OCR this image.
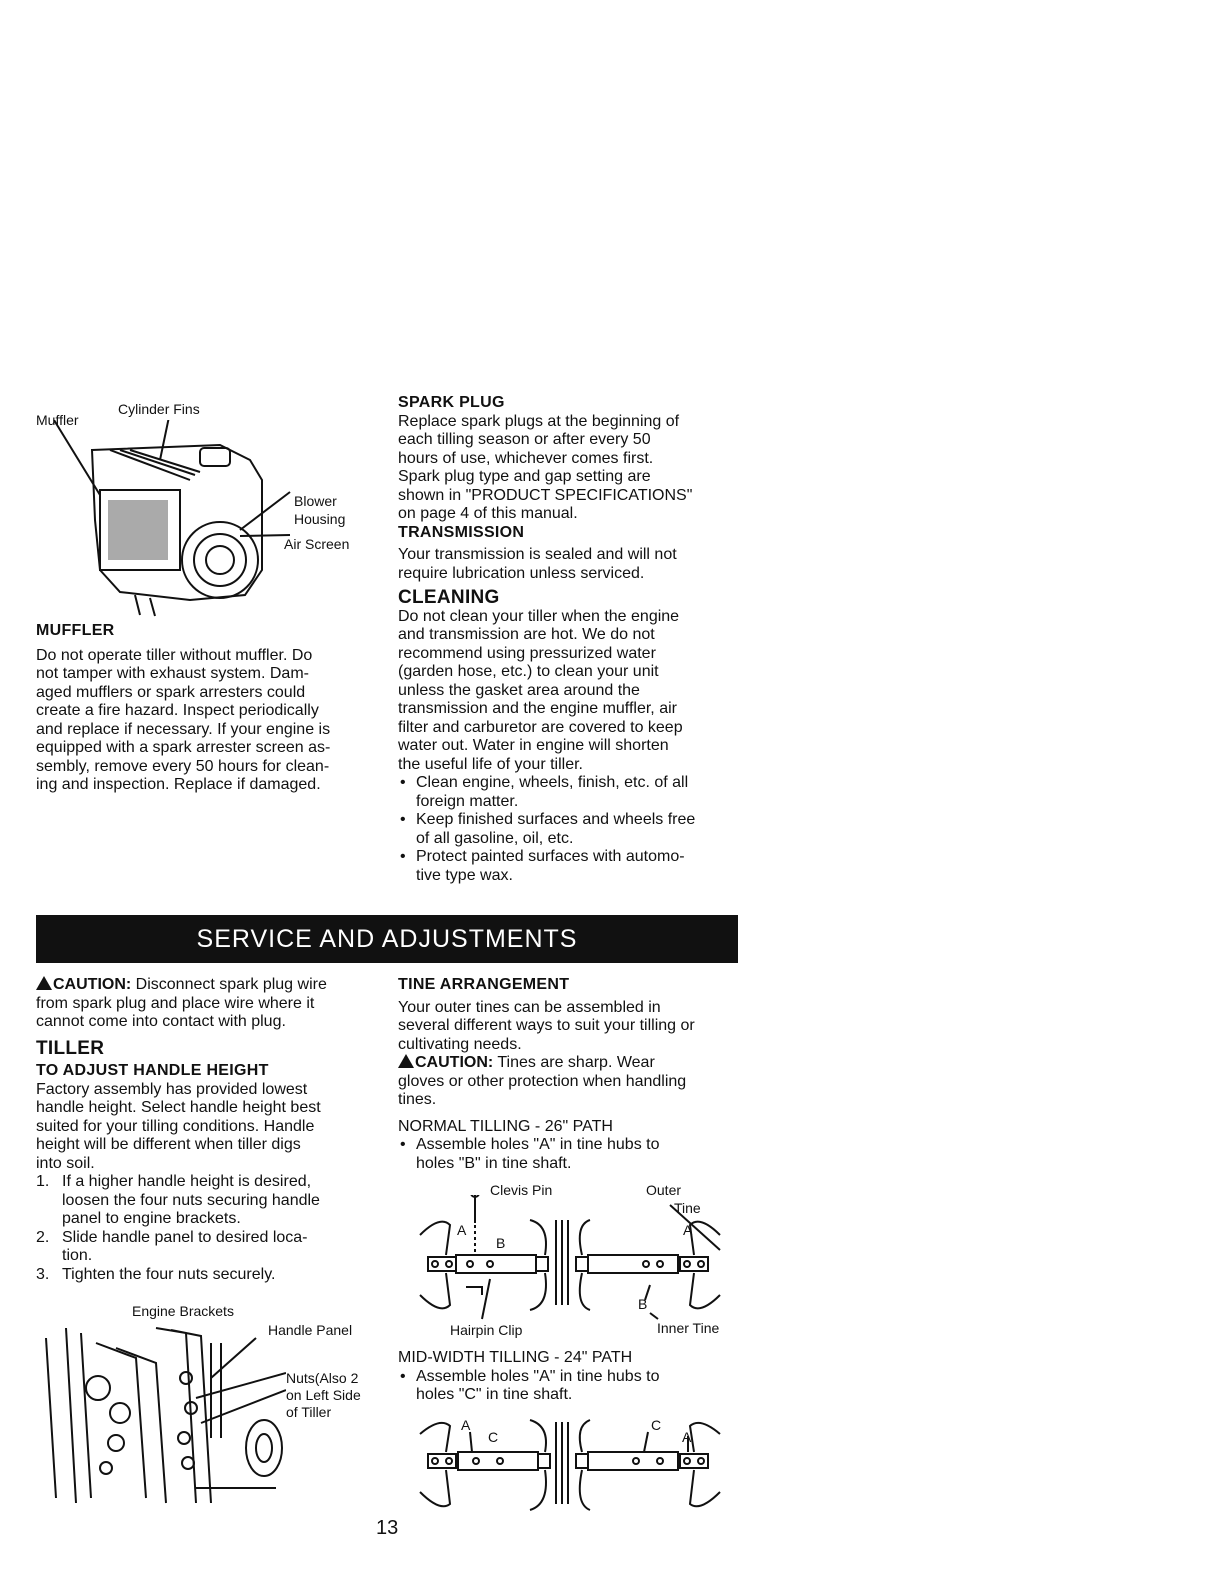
Muffler
Cylinder Fins
Blower
Housing
Air Screen

MUFFLER

Do not operate tiller without muffler. Do

not tamper with exhaust system. Dam-

aged mufflers or spark arresters could

create a fire hazard. Inspect periodically

and replace if necessary. If your engine is

equipped with a spark arrester screen as-

sembly, remove every 50 hours for clean-

ing and inspection. Replace if damaged.

SPARK PLUG

Replace spark plugs at the beginning of

each tilling season or after every 50

hours of use, whichever comes first.

Spark plug type and gap setting are

shown in "PRODUCT SPECIFICATIONS"

on page 4 of this manual.

TRANSMISSION

Your transmission is sealed and will not

require lubrication unless serviced.

CLEANING

Do not clean your tiller when the engine

and transmission are hot. We do not

recommend using pressurized water

(garden hose, etc.) to clean your unit

unless the gasket area around the

transmission and the engine muffler, air

filter and carburetor are covered to keep

water out. Water in engine will shorten

the useful life of your tiller.

• Clean engine, wheels, finish, etc. of all
foreign matter.
• Keep finished surfaces and wheels free
of all gasoline, oil, etc.
• Protect painted surfaces with automo-
tive type wax.
SERVICE AND ADJUSTMENTS

CAUTION: Disconnect spark plug wire

from spark plug and place wire where it

cannot come into contact with plug.

TILLER

TO ADJUST HANDLE HEIGHT

Factory assembly has provided lowest

handle height. Select handle height best

suited for your tilling conditions. Handle

height will be different when tiller digs

into soil.

1. If a higher handle height is desired,
loosen the four nuts securing handle
panel to engine brackets.
2. Slide handle panel to desired loca-
tion.
3. Tighten the four nuts securely.
Engine Brackets
Handle Panel
Nuts(Also 2
on Left Side
of Tiller

TINE ARRANGEMENT

Your outer tines can be assembled in

several different ways to suit your tilling or

cultivating needs.

CAUTION: Tines are sharp. Wear

gloves or other protection when handling

tines.

NORMAL TILLING - 26" PATH

• Assemble holes "A" in tine hubs to
holes "B" in tine shaft.
Clevis Pin	Outer
Tine
A
B
A
B
Hairpin Clip	Inner Tine

MID-WIDTH TILLING - 24" PATH

• Assemble holes "A" in tine hubs to
holes "C" in tine shaft.
A
C
C
A
13
